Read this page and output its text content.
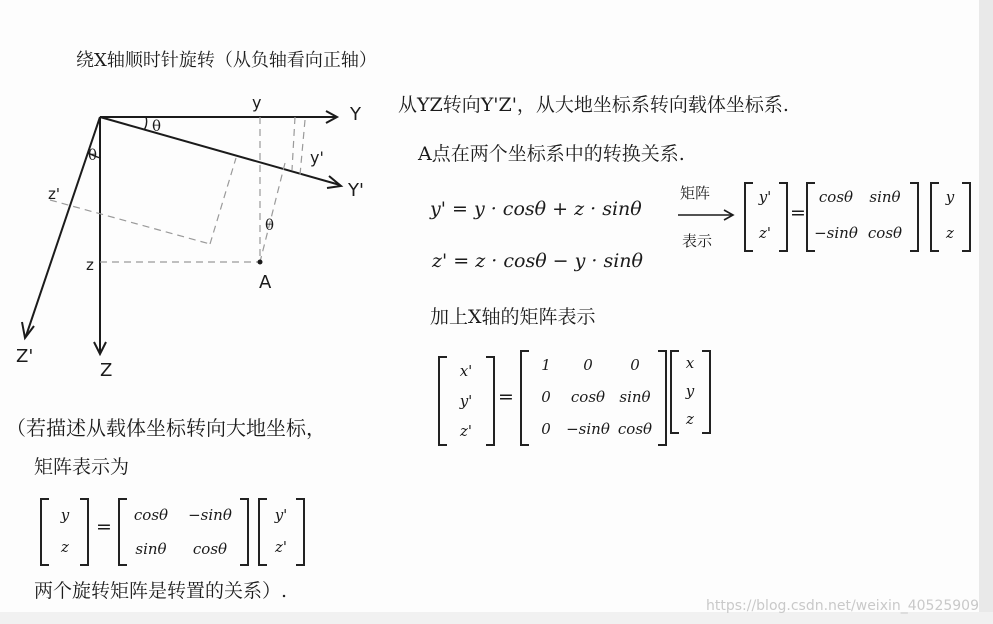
绕X轴顺时针旋转（从负轴看向正轴）
Y
y
Y'
y'
Z
z
Z'
z'
A
θ
θ
θ
从YZ转向Y'Z'，从大地坐标系转向载体坐标系.
A点在两个坐标系中的转换关系.
y' = y · cosθ + z · sinθ
z' = z · cosθ − y · sinθ
矩阵
表示
y'
z'
=
cosθ	sinθ
−sinθ cosθ
y
z
加上X轴的矩阵表示
x'
y'
z'
=
1	0	0
0	cosθ sinθ
0	−sinθ cosθ
x
y
z
（若描述从载体坐标转向大地坐标，
矩阵表示为
y
z
=
cosθ	−sinθ
sinθ	cosθ
y'
z'
两个旋转矩阵是转置的关系）.
https://blog.csdn.net/weixin_40525909
